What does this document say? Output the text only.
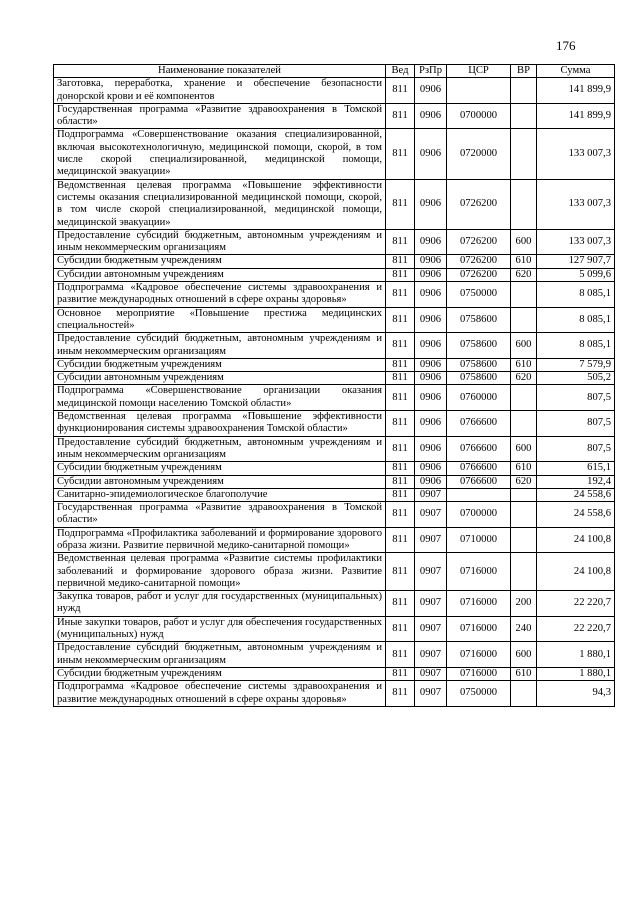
176
Наименование показателей	Вед	РзПр	ЦСР	ВР	Сумма
Заготовка, переработка, хранение и обеспечение безопасности донорской крови и её компонентов	811	0906			141 899,9
Государственная программа «Развитие здравоохранения в Томской области»	811	0906	0700000		141 899,9
Подпрограмма «Совершенствование оказания специализированной, включая высокотехнологичную, медицинской помощи, скорой, в том числе скорой специализированной, медицинской помощи, медицинской эвакуации»	811	0906	0720000		133 007,3
Ведомственная целевая программа «Повышение эффективности системы оказания специализированной медицинской помощи, скорой, в том числе скорой специализированной, медицинской помощи, медицинской эвакуации»	811	0906	0726200		133 007,3
Предоставление субсидий бюджетным, автономным учреждениям и иным некоммерческим организациям	811	0906	0726200	600	133 007,3
Субсидии бюджетным учреждениям	811	0906	0726200	610	127 907,7
Субсидии автономным учреждениям	811	0906	0726200	620	5 099,6
Подпрограмма «Кадровое обеспечение системы здравоохранения и развитие международных отношений в сфере охраны здоровья»	811	0906	0750000		8 085,1
Основное мероприятие «Повышение престижа медицинских специальностей»	811	0906	0758600		8 085,1
Предоставление субсидий бюджетным, автономным учреждениям и иным некоммерческим организациям	811	0906	0758600	600	8 085,1
Субсидии бюджетным учреждениям	811	0906	0758600	610	7 579,9
Субсидии автономным учреждениям	811	0906	0758600	620	505,2
Подпрограмма «Совершенствование организации оказания медицинской помощи населению Томской области»	811	0906	0760000		807,5
Ведомственная целевая программа «Повышение эффективности функционирования системы здравоохранения Томской области»	811	0906	0766600		807,5
Предоставление субсидий бюджетным, автономным учреждениям и иным некоммерческим организациям	811	0906	0766600	600	807,5
Субсидии бюджетным учреждениям	811	0906	0766600	610	615,1
Субсидии автономным учреждениям	811	0906	0766600	620	192,4
Санитарно-эпидемиологическое благополучие	811	0907			24 558,6
Государственная программа «Развитие здравоохранения в Томской области»	811	0907	0700000		24 558,6
Подпрограмма «Профилактика заболеваний и формирование здорового образа жизни. Развитие первичной медико-санитарной помощи»	811	0907	0710000		24 100,8
Ведомственная целевая программа «Развитие системы профилактики заболеваний и формирование здорового образа жизни. Развитие первичной медико-санитарной помощи»	811	0907	0716000		24 100,8
Закупка товаров, работ и услуг для государственных (муниципальных) нужд	811	0907	0716000	200	22 220,7
Иные закупки товаров, работ и услуг для обеспечения государственных (муниципальных) нужд	811	0907	0716000	240	22 220,7
Предоставление субсидий бюджетным, автономным учреждениям и иным некоммерческим организациям	811	0907	0716000	600	1 880,1
Субсидии бюджетным учреждениям	811	0907	0716000	610	1 880,1
Подпрограмма «Кадровое обеспечение системы здравоохранения и развитие международных отношений в сфере охраны здоровья»	811	0907	0750000		94,3
